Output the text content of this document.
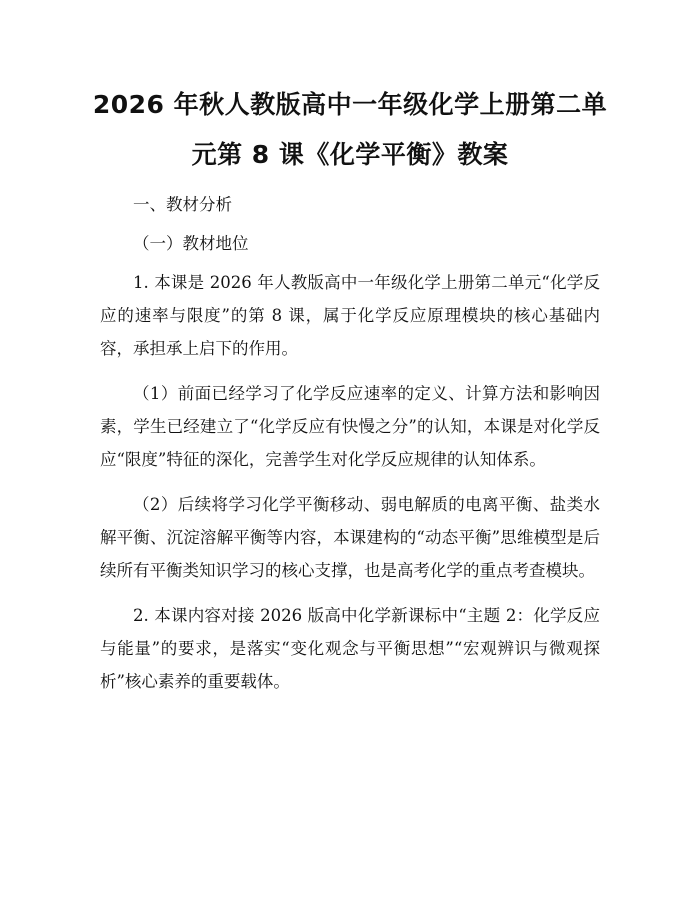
2026 年秋人教版高中一年级化学上册第二单
元第 8 课《化学平衡》教案

一、教材分析

（一）教材地位

1. 本课是 2026 年人教版高中一年级化学上册第二单元“化学反应的速率与限度”的第 8 课，属于化学反应原理模块的核心基础内容，承担承上启下的作用。

（1）前面已经学习了化学反应速率的定义、计算方法和影响因素，学生已经建立了“化学反应有快慢之分”的认知，本课是对化学反应“限度”特征的深化，完善学生对化学反应规律的认知体系。

（2）后续将学习化学平衡移动、弱电解质的电离平衡、盐类水解平衡、沉淀溶解平衡等内容，本课建构的“动态平衡”思维模型是后续所有平衡类知识学习的核心支撑，也是高考化学的重点考查模块。

2. 本课内容对接 2026 版高中化学新课标中“主题 2：化学反应与能量”的要求，是落实“变化观念与平衡思想”“宏观辨识与微观探析”核心素养的重要载体。
